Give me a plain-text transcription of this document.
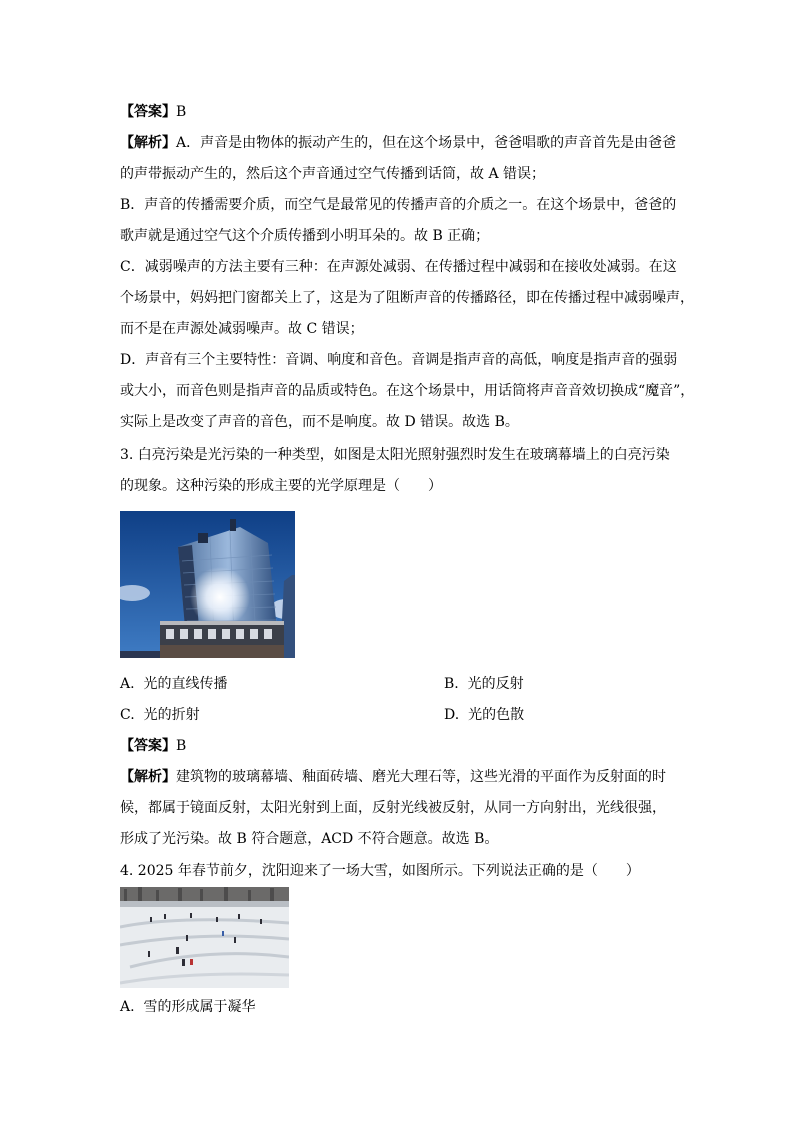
【答案】B
【解析】A．声音是由物体的振动产生的，但在这个场景中，爸爸唱歌的声音首先是由爸爸
的声带振动产生的，然后这个声音通过空气传播到话筒，故 A 错误；
B．声音的传播需要介质，而空气是最常见的传播声音的介质之一。在这个场景中，爸爸的
歌声就是通过空气这个介质传播到小明耳朵的。故 B 正确；
C．减弱噪声的方法主要有三种：在声源处减弱、在传播过程中减弱和在接收处减弱。在这
个场景中，妈妈把门窗都关上了，这是为了阻断声音的传播路径，即在传播过程中减弱噪声，
而不是在声源处减弱噪声。故 C 错误；
D．声音有三个主要特性：音调、响度和音色。音调是指声音的高低，响度是指声音的强弱
或大小，而音色则是指声音的品质或特色。在这个场景中，用话筒将声音音效切换成“魔音”，
实际上是改变了声音的音色，而不是响度。故 D 错误。故选 B。
3. 白亮污染是光污染的一种类型，如图是太阳光照射强烈时发生在玻璃幕墙上的白亮污染
的现象。这种污染的形成主要的光学原理是（　　）
A. 光的直线传播	B. 光的反射
C. 光的折射	D. 光的色散
【答案】B
【解析】建筑物的玻璃幕墙、釉面砖墙、磨光大理石等，这些光滑的平面作为反射面的时
候，都属于镜面反射，太阳光射到上面，反射光线被反射，从同一方向射出，光线很强，
形成了光污染。故 B 符合题意，ACD 不符合题意。故选 B。
4. 2025 年春节前夕，沈阳迎来了一场大雪，如图所示。下列说法正确的是（　　）
A. 雪的形成属于凝华
